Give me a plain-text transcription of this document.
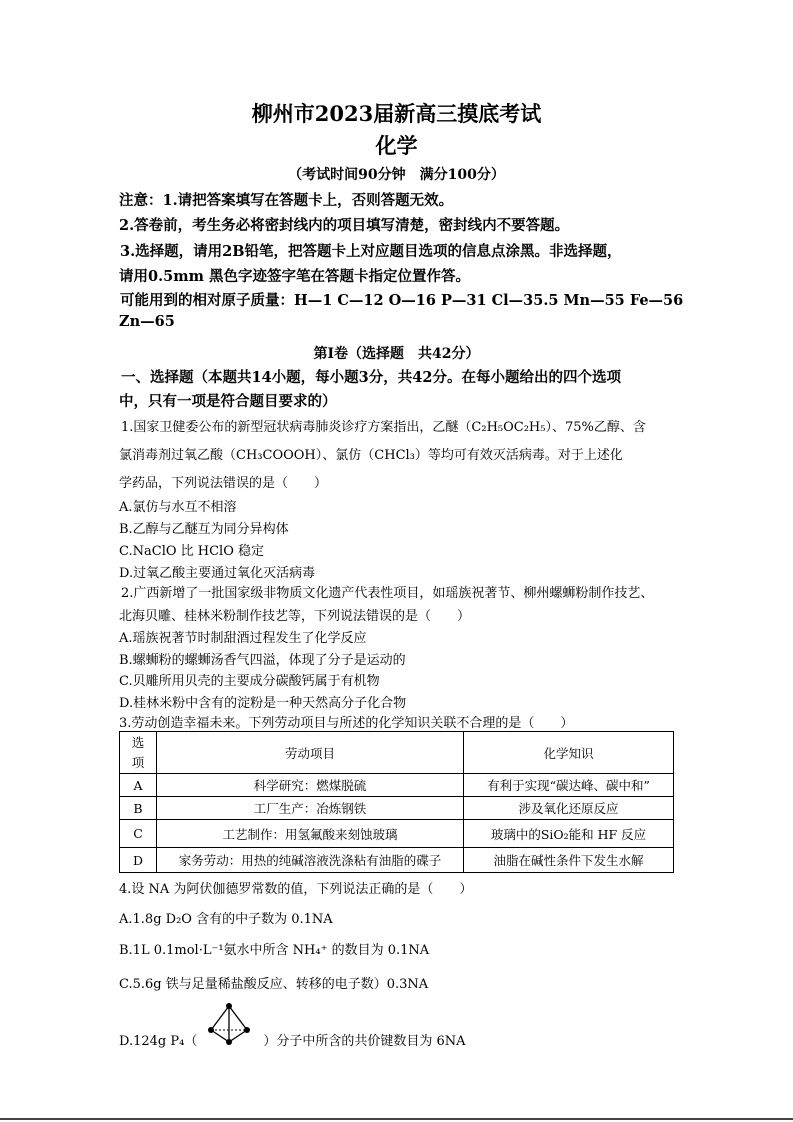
柳州市2023届新高三摸底考试
化学
（考试时间90分钟　满分100分）
注意：1.请把答案填写在答题卡上，否则答题无效。
2.答卷前，考生务必将密封线内的项目填写清楚，密封线内不要答题。
3.选择题，请用2B铅笔，把答题卡上对应题目选项的信息点涂黑。非选择题，
请用0.5mm 黑色字迹签字笔在答题卡指定位置作答。
可能用到的相对原子质量：H—1 C—12 O—16 P—31 Cl—35.5 Mn—55 Fe—56
Zn—65
第Ⅰ卷（选择题　共42分）
一、选择题（本题共14小题，每小题3分，共42分。在每小题给出的四个选项
中，只有一项是符合题目要求的）
1.国家卫健委公布的新型冠状病毒肺炎诊疗方案指出，乙醚（C₂H₅OC₂H₅）、75%乙醇、含
氯消毒剂过氧乙酸（CH₃COOOH）、氯仿（CHCl₃）等均可有效灭活病毒。对于上述化
学药品，下列说法错误的是（　　）
A.氯仿与水互不相溶
B.乙醇与乙醚互为同分异构体
C.NaClO 比 HClO 稳定
D.过氧乙酸主要通过氧化灭活病毒
2.广西新增了一批国家级非物质文化遗产代表性项目，如瑶族祝著节、柳州螺蛳粉制作技艺、
北海贝雕、桂林米粉制作技艺等，下列说法错误的是（　　）
A.瑶族祝著节时制甜酒过程发生了化学反应
B.螺蛳粉的螺蛳汤香气四溢，体现了分子是运动的
C.贝雕所用贝壳的主要成分碳酸钙属于有机物
D.桂林米粉中含有的淀粉是一种天然高分子化合物
3.劳动创造幸福未来。下列劳动项目与所述的化学知识关联不合理的是（　　）
选项	劳动项目	化学知识
A	科学研究：燃煤脱硫	有利于实现“碳达峰、碳中和”
B	工厂生产：冶炼钢铁	涉及氧化还原反应
C	工艺制作：用氢氟酸来刻蚀玻璃	玻璃中的SiO₂能和 HF 反应
D	家务劳动：用热的纯碱溶液洗涤粘有油脂的碟子	油脂在碱性条件下发生水解
4.设 NA 为阿伏伽德罗常数的值，下列说法正确的是（　　）
A.1.8g D₂O 含有的中子数为 0.1NA
B.1L 0.1mol·L⁻¹氨水中所含 NH₄⁺ 的数目为 0.1NA
C.5.6g 铁与足量稀盐酸反应、转移的电子数）0.3NA
D.124g P₄（	）分子中所含的共价键数目为 6NA
